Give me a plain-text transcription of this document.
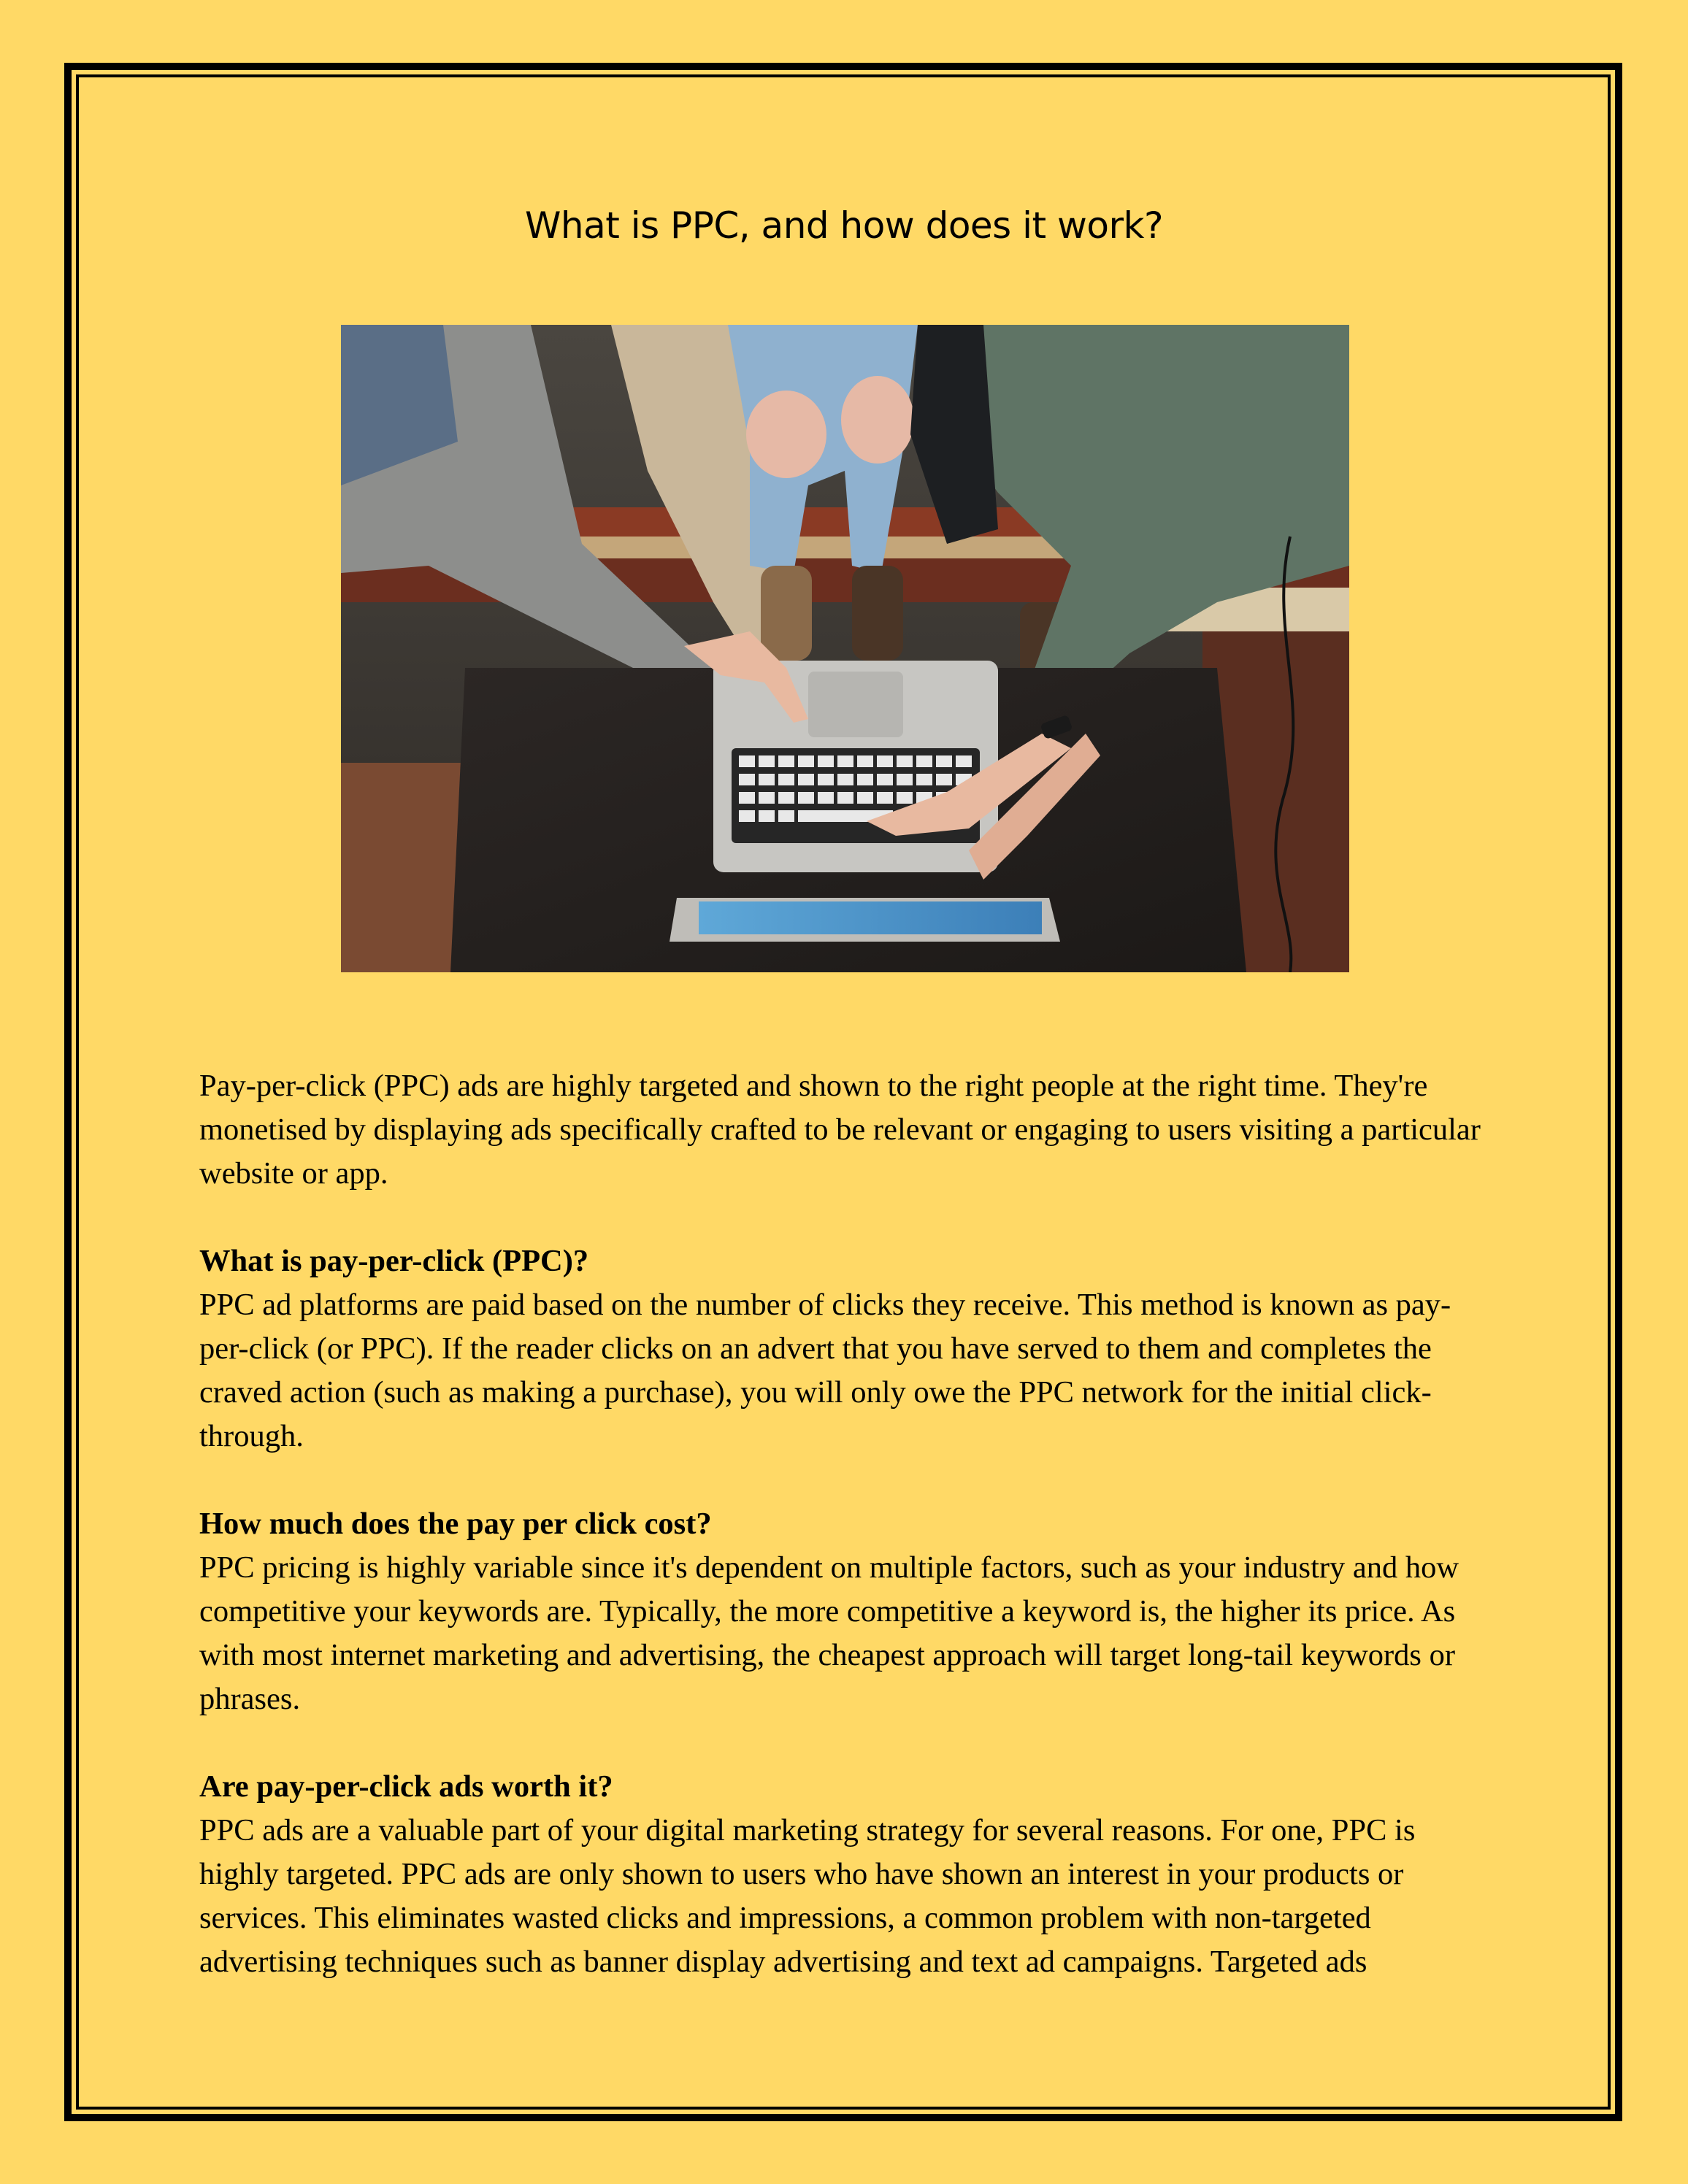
What is PPC, and how does it work?

Pay-per-click (PPC) ads are highly targeted and shown to the right people at the right time. They're monetised by displaying ads specifically crafted to be relevant or engaging to users visiting a particular website or app.

What is pay-per-click (PPC)?

PPC ad platforms are paid based on the number of clicks they receive. This method is known as pay-per-click (or PPC). If the reader clicks on an advert that you have served to them and completes the craved action (such as making a purchase), you will only owe the PPC network for the initial click-through.

How much does the pay per click cost?

PPC pricing is highly variable since it's dependent on multiple factors, such as your industry and how competitive your keywords are. Typically, the more competitive a keyword is, the higher its price. As with most internet marketing and advertising, the cheapest approach will target long-tail keywords or phrases.

Are pay-per-click ads worth it?

PPC ads are a valuable part of your digital marketing strategy for several reasons. For one, PPC is highly targeted. PPC ads are only shown to users who have shown an interest in your products or services. This eliminates wasted clicks and impressions, a common problem with non-targeted advertising techniques such as banner display advertising and text ad campaigns. Targeted ads
